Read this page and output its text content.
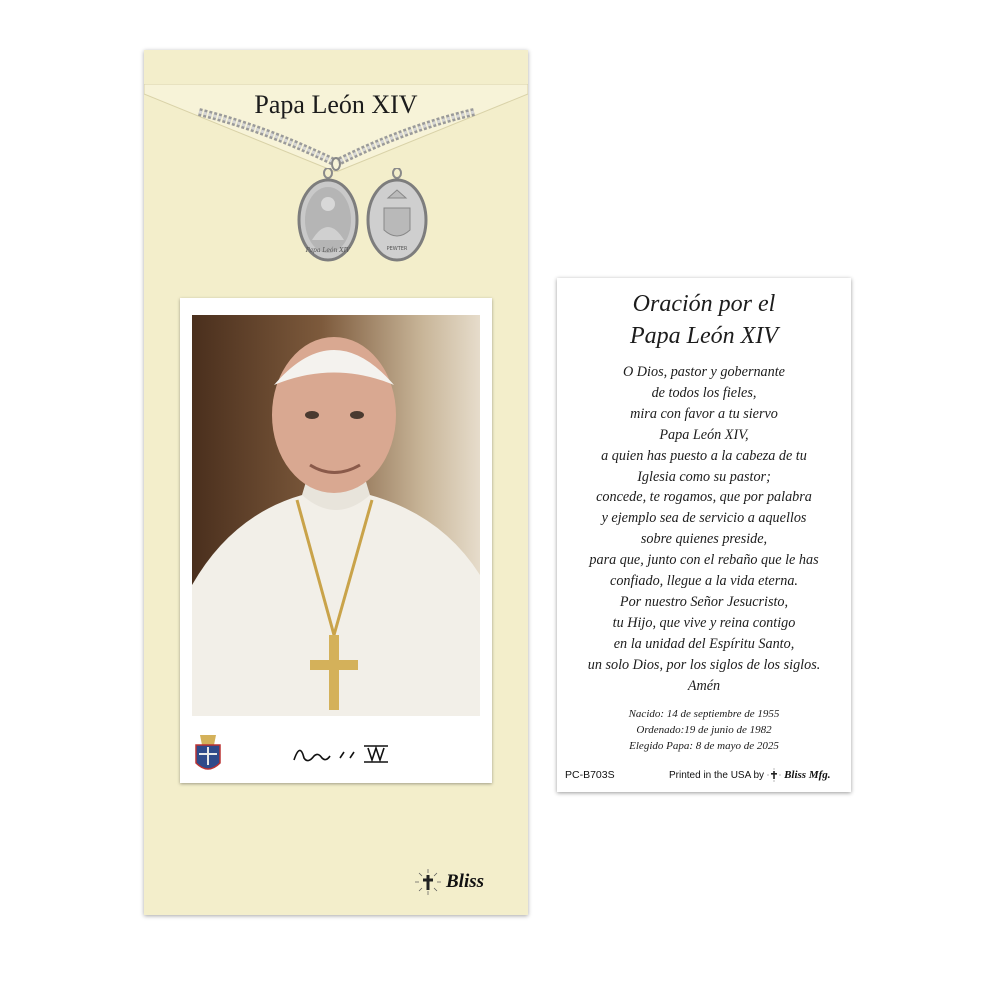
Papa León XIV
Papa León XIV	PEWTER
Bliss
Oración por el
Papa León XIV
O Dios, pastor y gobernante
de todos los fieles,
mira con favor a tu siervo
Papa León XIV,
a quien has puesto a la cabeza de tu
Iglesia como su pastor;
concede, te rogamos, que por palabra
y ejemplo sea de servicio a aquellos
sobre quienes preside,
para que, junto con el rebaño que le has
confiado, llegue a la vida eterna.
Por nuestro Señor Jesucristo,
tu Hijo, que vive y reina contigo
en la unidad del Espíritu Santo,
un solo Dios, por los siglos de los siglos.
Amén
Nacido: 14 de septiembre de 1955
Ordenado:19 de junio de 1982
Elegido Papa: 8 de mayo de 2025
PC-B703S	Printed in the USA by Bliss Mfg.
